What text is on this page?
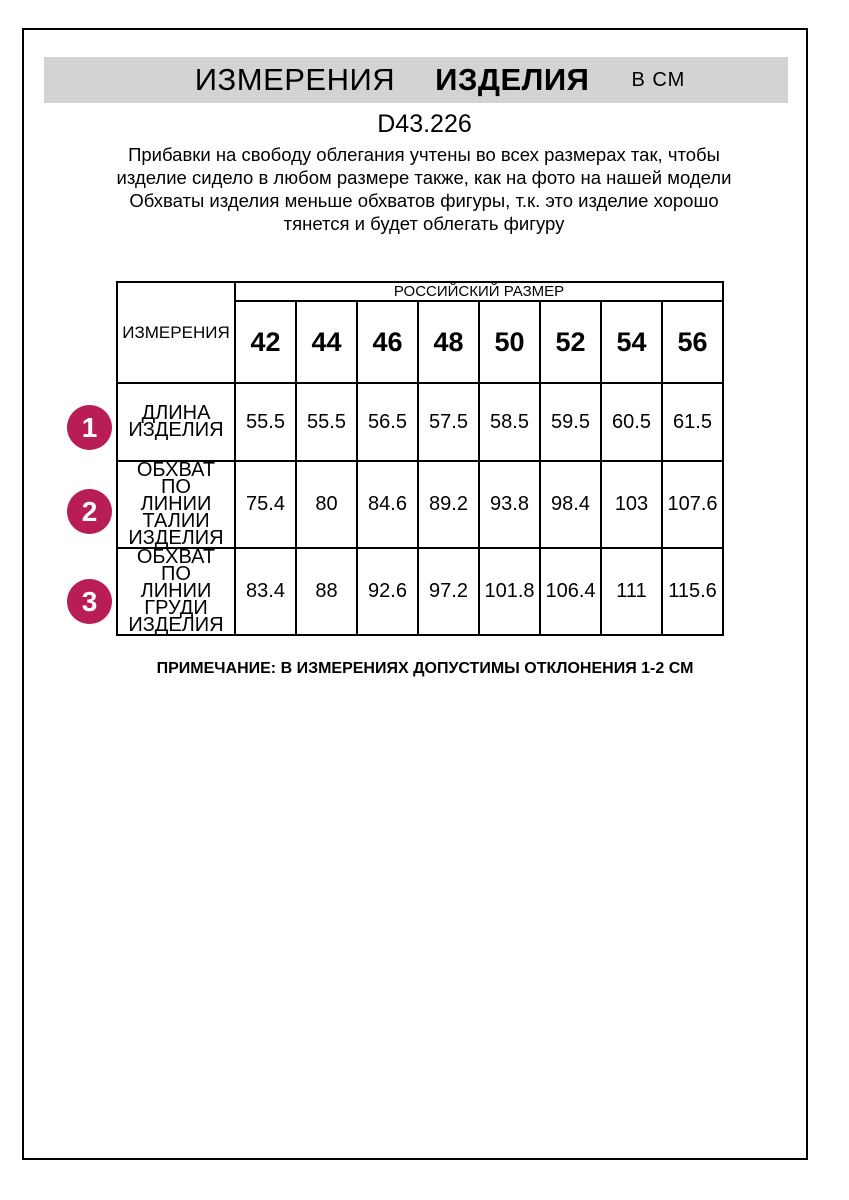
ИЗМЕРЕНИЯ ИЗДЕЛИЯ В СМ
D43.226

Прибавки на свободу облегания учтены во всех размерах так, чтобы изделие сидело в любом размере также, как на фото на нашей модели

Обхваты изделия меньше обхватов фигуры, т.к. это изделие хорошо тянется и будет облегать фигуру

ИЗМЕРЕНИЯ	РОССИЙСКИЙ РАЗМЕР							
	42	44	46	48	50	52	54	56
ДЛИНА ИЗДЕЛИЯ	55.5	55.5	56.5	57.5	58.5	59.5	60.5	61.5
ОБХВАТ ПО ЛИНИИ ТАЛИИ ИЗДЕЛИЯ	75.4	80	84.6	89.2	93.8	98.4	103	107.6
ОБХВАТ ПО ЛИНИИ ГРУДИ ИЗДЕЛИЯ	83.4	88	92.6	97.2	101.8	106.4	111	115.6
1
2
3
ПРИМЕЧАНИЕ: В ИЗМЕРЕНИЯХ ДОПУСТИМЫ ОТКЛОНЕНИЯ 1-2 СМ
